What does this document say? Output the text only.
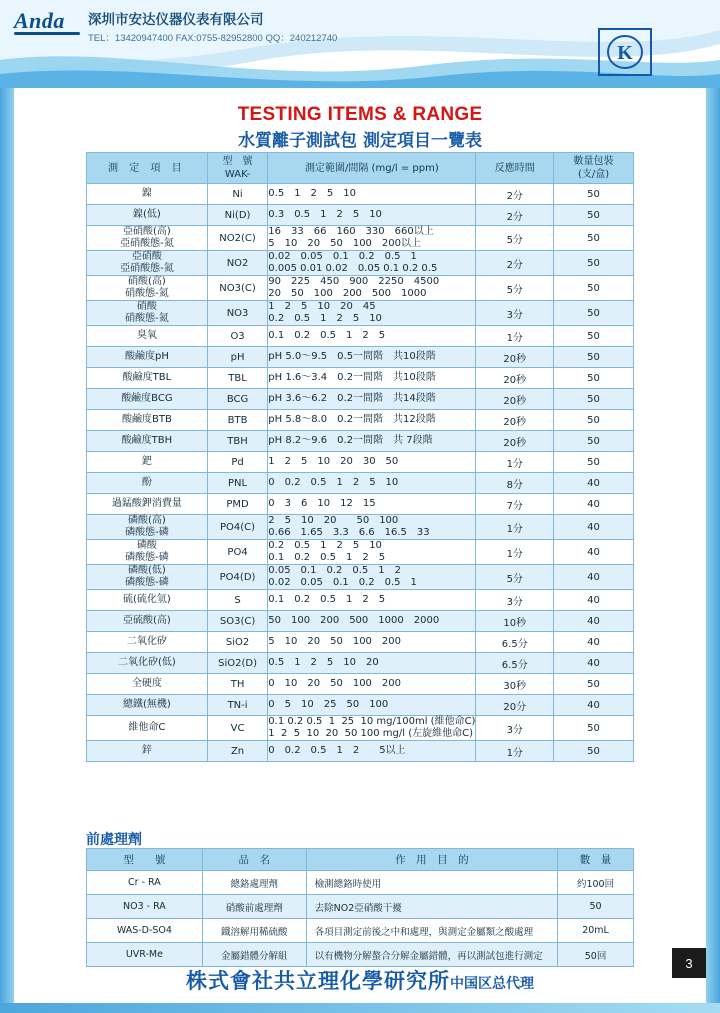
Anda	深圳市安达仪器仪表有限公司
TEL：13420947400 FAX:0755-82952800 QQ：240212740
K
TESTING ITEMS & RANGE
水質離子測試包 測定項目一覽表
測 定 項 目	型　號 WAK-	測定範圍/間隔 (mg/l = ppm)	反應時間	數量包裝
(支/盒)
鎳	Ni	0.5　1　2　5　10	2分	50
鎳(低)	Ni(D)	0.3　0.5　1　2　5　10	2分	50
亞硝酸(高)
亞硝酸態-氮	NO2(C)	16　33　66　160　330　660以上
5　10　20　50　100　200以上	5分	50
亞硝酸
亞硝酸態-氮	NO2	0.02　0.05　0.1　0.2　0.5　1
0.005 0.01 0.02　0.05 0.1 0.2 0.5	2分	50
硝酸(高)
硝酸態-氮	NO3(C)	90　225　450　900　2250　4500
20　50　100　200　500　1000	5分	50
硝酸
硝酸態-氮	NO3	1　2　5　10　20　45
0.2　0.5　1　2　5　10	3分	50
臭氧	O3	0.1　0.2　0.5　1　2　5	1分	50
酸鹼度pH	pH	pH 5.0～9.5　0.5一間階　共10段階	20秒	50
酸鹼度TBL	TBL	pH 1.6～3.4　0.2一間階　共10段階	20秒	50
酸鹼度BCG	BCG	pH 3.6～6.2　0.2一間階　共14段階	20秒	50
酸鹼度BTB	BTB	pH 5.8～8.0　0.2一間階　共12段階	20秒	50
酸鹼度TBH	TBH	pH 8.2～9.6　0.2一間階　共 7段階	20秒	50
鈀	Pd	1　2　5　10　20　30　50	1分	50
酚	PNL	0　0.2　0.5　1　2　5　10	8分	40
過錳酸鉀消費量	PMD	0　3　6　10　12　15	7分	40
磷酸(高)
磷酸態-磷	PO4(C)	2　5　10　20　　50　100
0.66　1.65　3.3　6.6　16.5　33	1分	40
磷酸
磷酸態-磷	PO4	0.2　0.5　1　2　5　10
0.1　0.2　0.5　1　2　5	1分	40
磷酸(低)
磷酸態-磷	PO4(D)	0.05　0.1　0.2　0.5　1　2
0.02　0.05　0.1　0.2　0.5　1	5分	40
硫(硫化氫)	S	0.1　0.2　0.5　1　2　5	3分	40
亞硫酸(高)	SO3(C)	50　100　200　500　1000　2000	10秒	40
二氧化矽	SiO2	5　10　20　50　100　200	6.5分	40
二氧化矽(低)	SiO2(D)	0.5　1　2　5　10　20	6.5分	40
全硬度	TH	0　10　20　50　100　200	30秒	50
總鐵(無機)	TN-i	0　5　10　25　50　100	20分	40
維他命C	VC	0.1 0.2 0.5  1  25  10 mg/100ml (維他命C)
1  2  5  10  20  50 100 mg/l (左旋維他命C)	3分	50
鋅	Zn	0　0.2　0.5　1　2　　5以上	1分	50
前處理劑
型　　號	品　名	作　用　目　的	數　量
Cr - RA	總鉻處理劑	檢測總鉻時使用	約100回
NO3 - RA	硝酸前處理劑	去除NO2亞硝酸干擾	50
WAS-D-SO4	鐵溶解用稀硫酸	各項目測定前後之中和處理，與測定金屬類之酸處理	20mL
UVR-Me	金屬錯體分解組	以有機物分解螯合分解金屬錯體，再以測試包進行測定	50回
株式會社共立理化學研究所中国区总代理
3
